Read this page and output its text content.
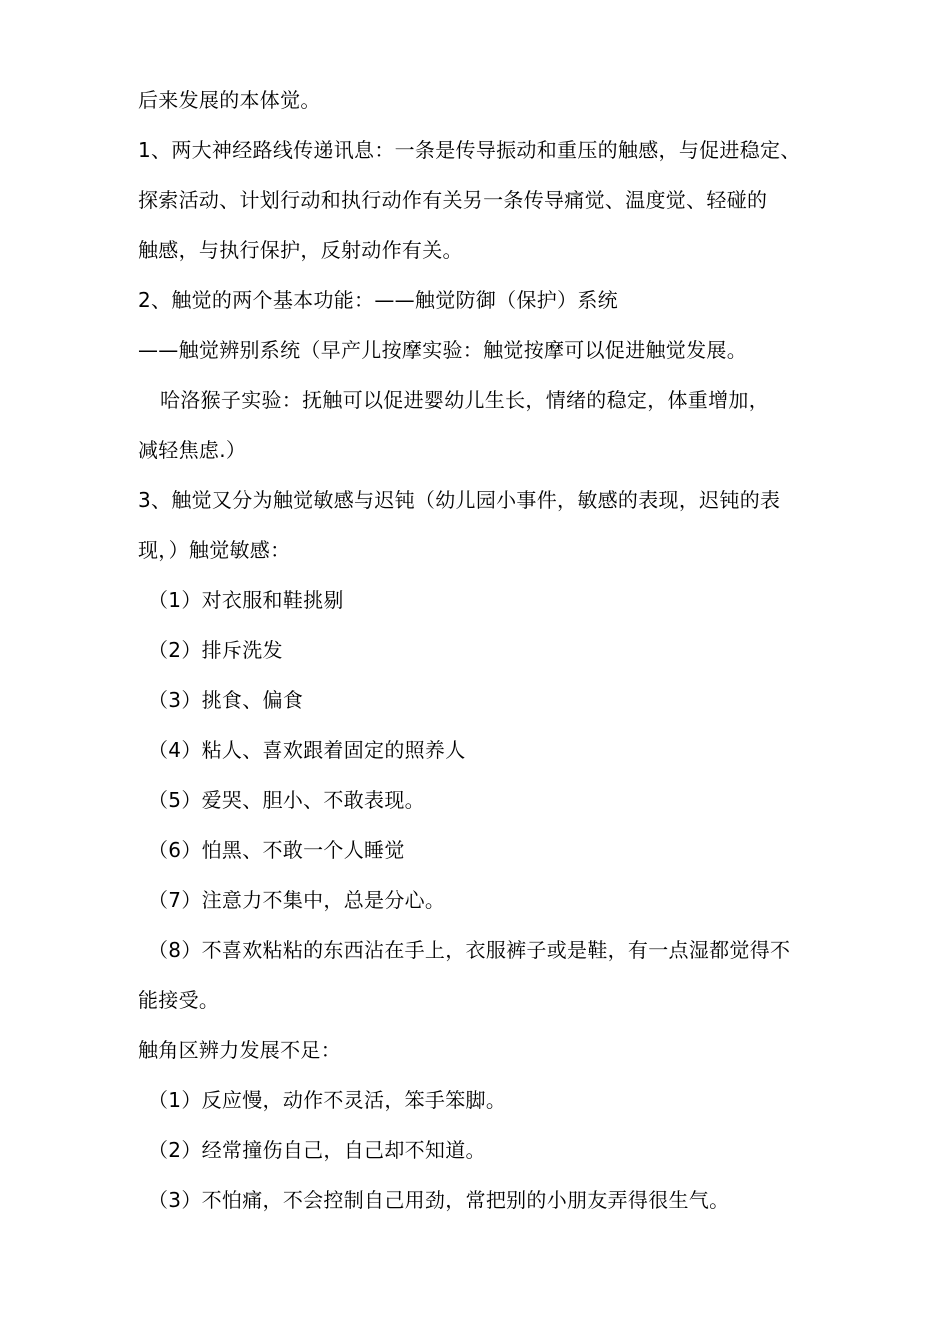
后来发展的本体觉。
1、两大神经路线传递讯息：一条是传导振动和重压的触感，与促进稳定、
探索活动、计划行动和执行动作有关另一条传导痛觉、温度觉、轻碰的
触感，与执行保护，反射动作有关。
2、触觉的两个基本功能：——触觉防御（保护）系统
——触觉辨别系统（早产儿按摩实验：触觉按摩可以促进触觉发展。
哈洛猴子实验：抚触可以促进婴幼儿生长，情绪的稳定，体重增加，
减轻焦虑.）
3、触觉又分为触觉敏感与迟钝（幼儿园小事件，敏感的表现，迟钝的表
现，）触觉敏感：
（1）对衣服和鞋挑剔
（2）排斥洗发
（3）挑食、偏食
（4）粘人、喜欢跟着固定的照养人
（5）爱哭、胆小、不敢表现。
（6）怕黑、不敢一个人睡觉
（7）注意力不集中，总是分心。
（8）不喜欢粘粘的东西沾在手上，衣服裤子或是鞋，有一点湿都觉得不
能接受。
触角区辨力发展不足：
（1）反应慢，动作不灵活，笨手笨脚。
（2）经常撞伤自己，自己却不知道。
（3）不怕痛，不会控制自己用劲，常把别的小朋友弄得很生气。
